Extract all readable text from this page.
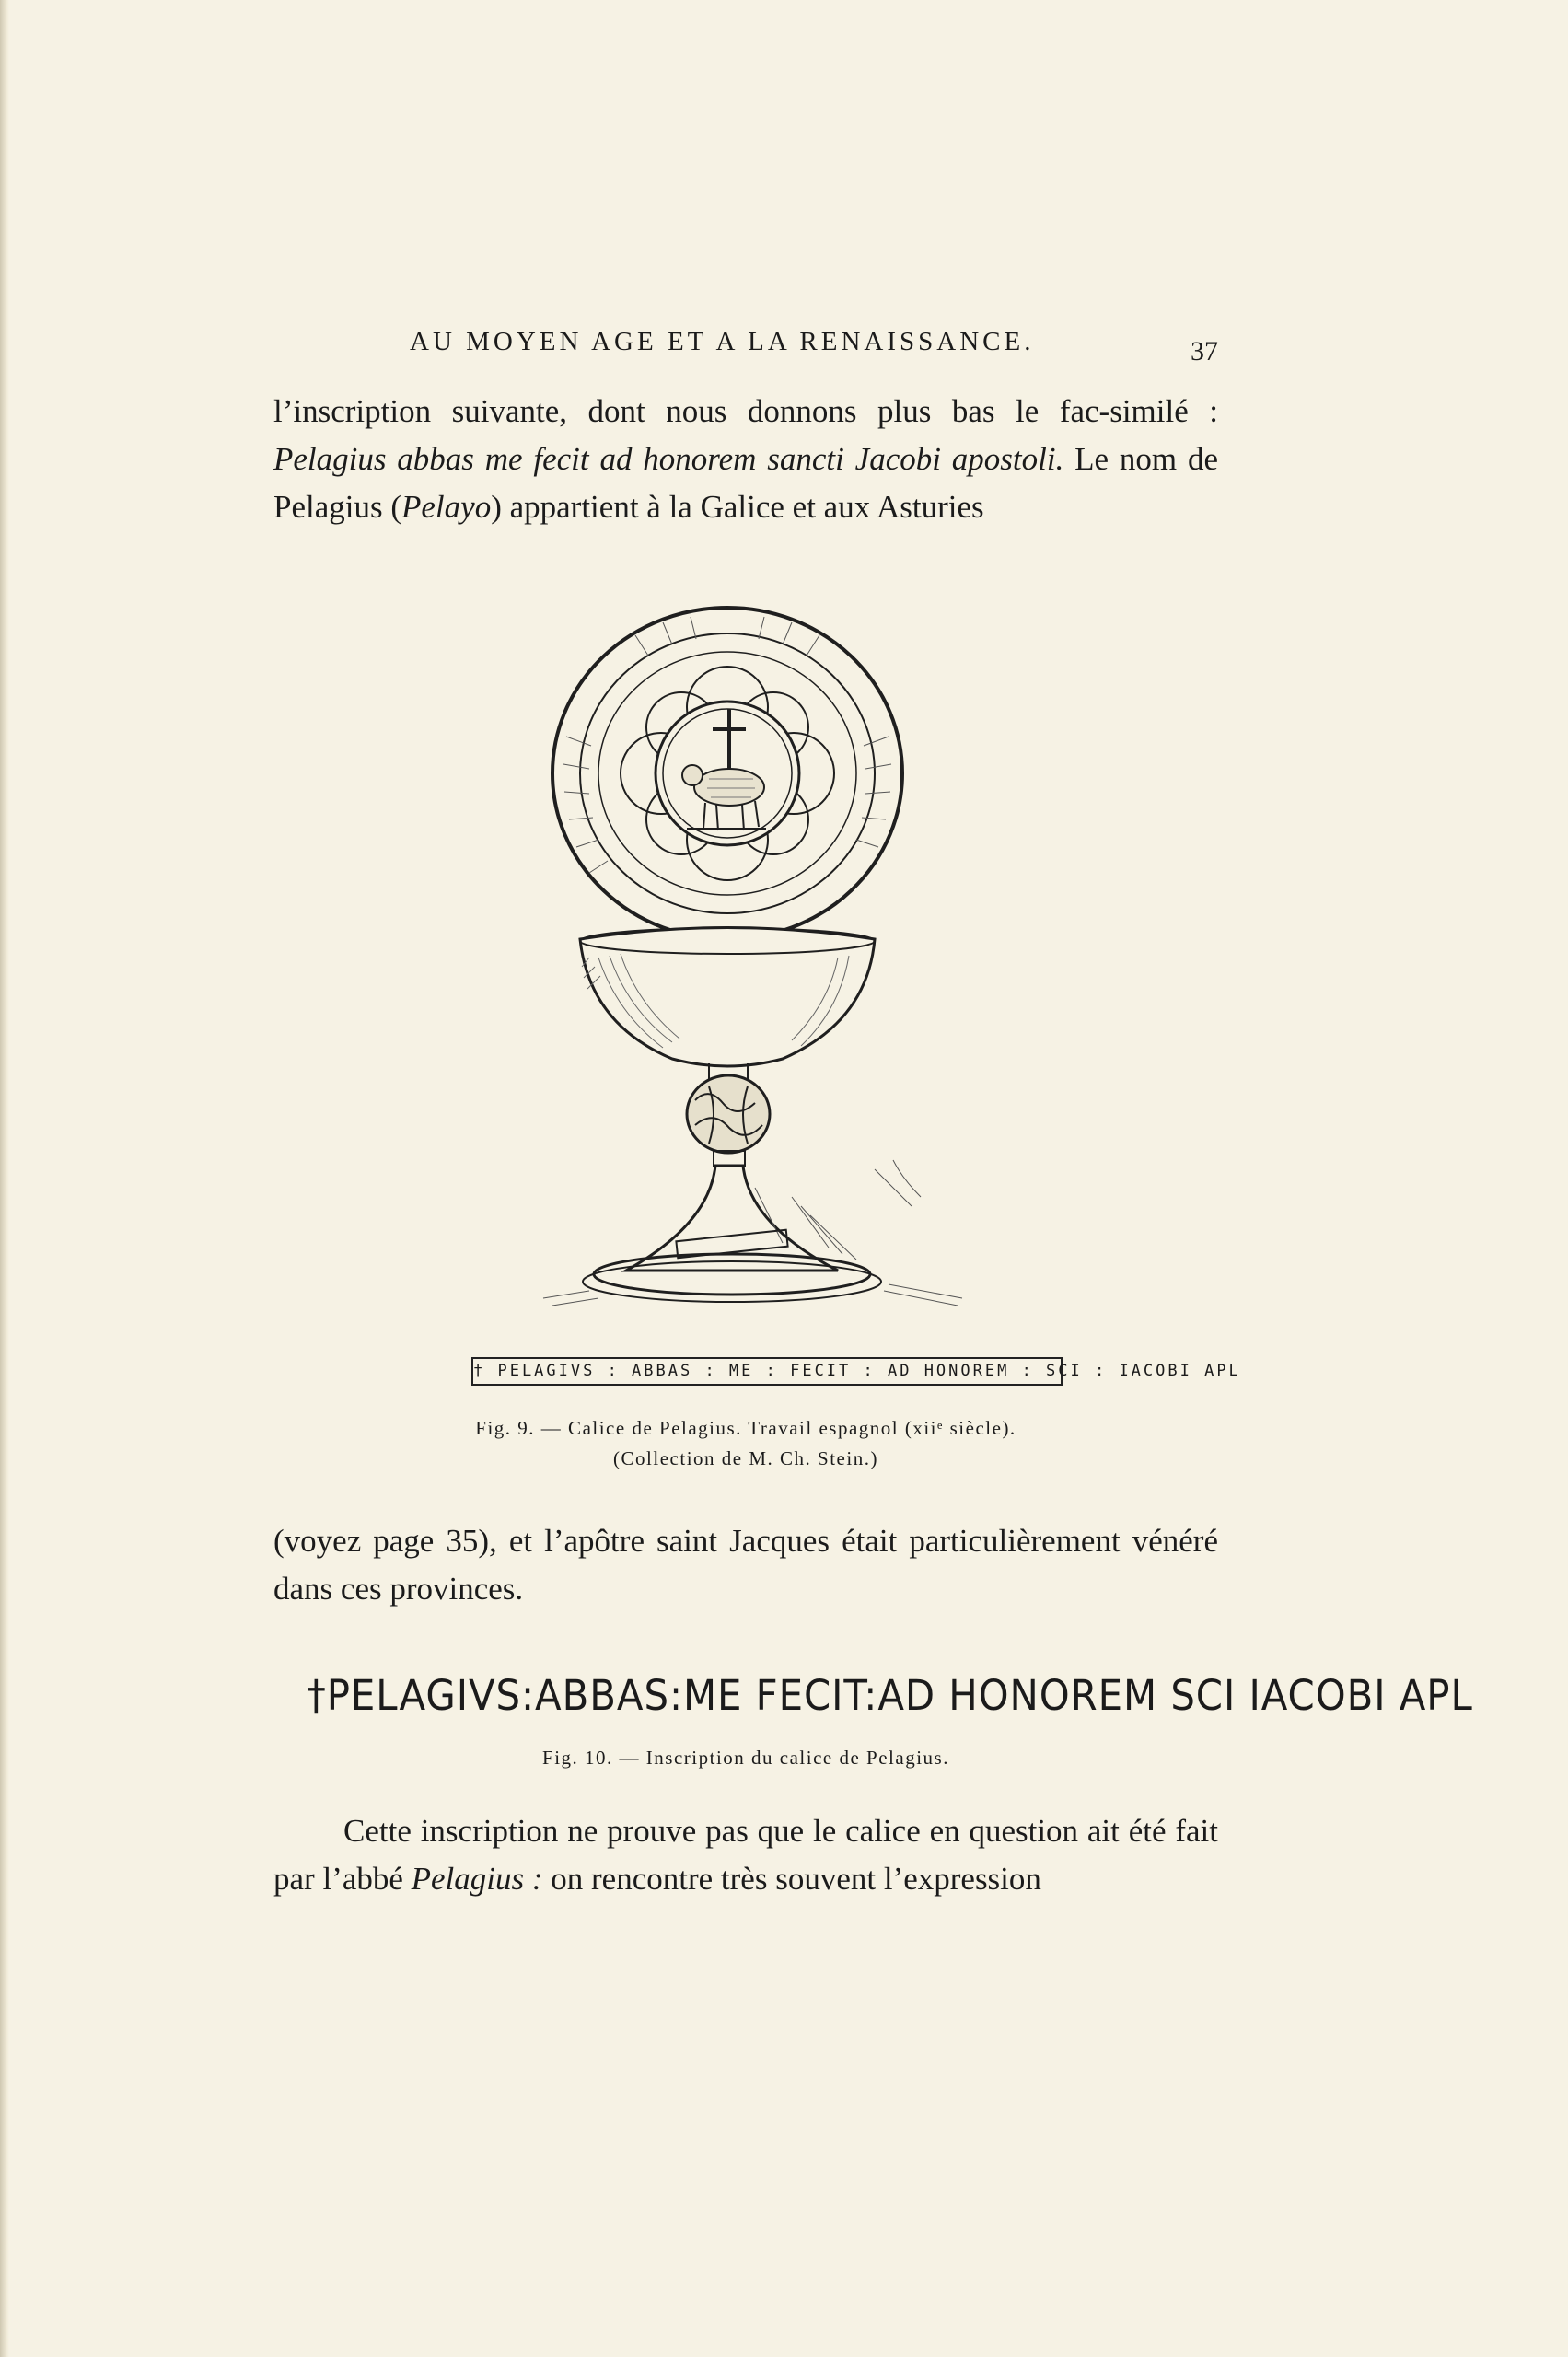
AU MOYEN AGE ET A LA RENAISSANCE.	37

l’inscription suivante, dont nous donnons plus bas le fac-similé : Pelagius abbas me fecit ad honorem sancti Jacobi apostoli. Le nom de Pelagius (Pelayo) appartient à la Galice et aux Asturies

† PELAGIVS : ABBAS : ME : FECIT : AD HONOREM : SCI : IACOBI APL
Fig. 9. — Calice de Pelagius. Travail espagnol (xiiᵉ siècle).
(Collection de M. Ch. Stein.)

(voyez page 35), et l’apôtre saint Jacques était particulièrement vénéré dans ces provinces.

†PELAGIVS:ABBAS:ME FECIT:AD HONOREM SCI IACOBI APL
Fig. 10. — Inscription du calice de Pelagius.

Cette inscription ne prouve pas que le calice en question ait été fait par l’abbé Pelagius : on rencontre très souvent l’expression
